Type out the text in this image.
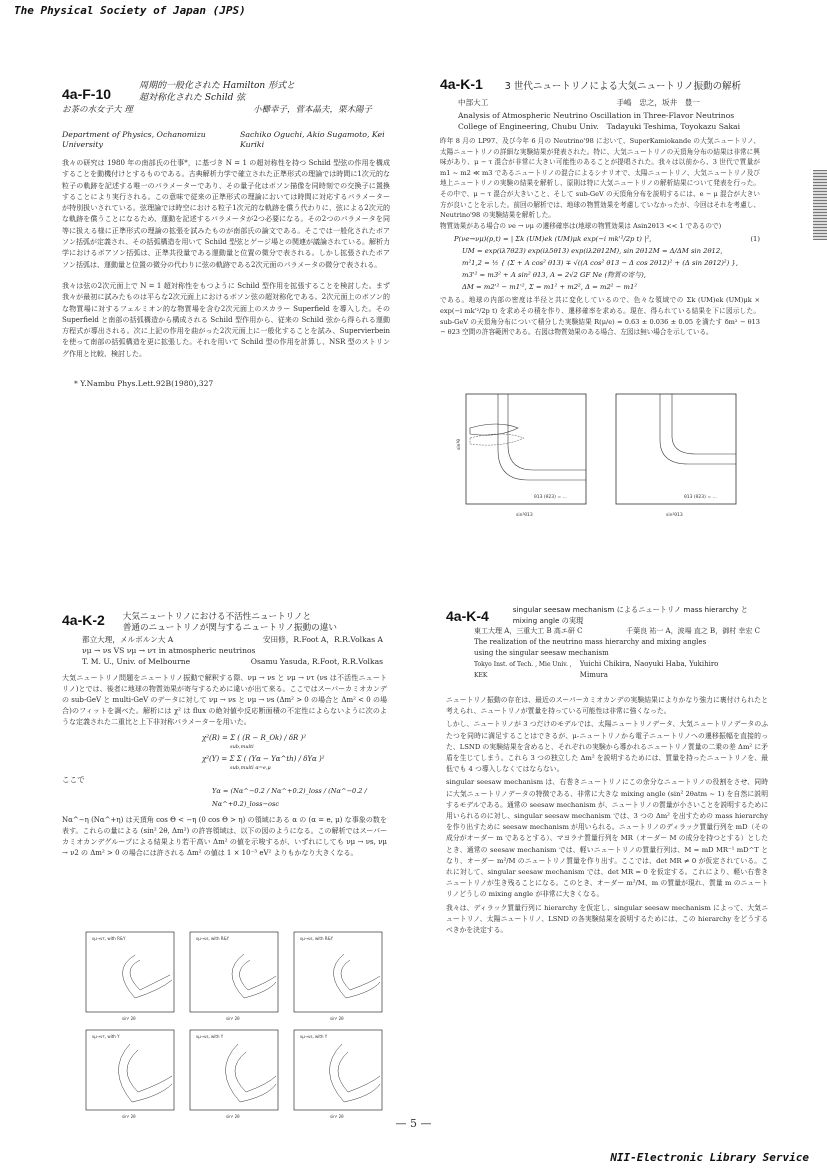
The Physical Society of Japan (JPS)
4a-F-10	周期的一般化された Hamilton 形式と
超対称化された Schild 弦
お茶の水女子大 理	小櫛幸子，菅本晶夫，栗木陽子
Department of Physics, Ochanomizu University
Sachiko Oguchi, Akio Sugamoto, Kei Kuriki

我々の研究は 1980 年の南部氏の仕事*，に基づき N = 1 の超対称性を持つ Schild 型弦の作用を構成することを動機付けとするものである。古典解析力学で確立された正準形式の理論では時間に1次元的な粒子の軌跡を記述する唯一のパラメーターであり、その量子化はボソン描像を同時刻での交換子に置換することにより実行される。この意味で従来の正準形式の理論においては時間に対応するパラメーターが特別扱いされている。弦理論では時空における粒子1次元的な軌跡を償う代わりに、弦による2次元的な軌跡を償うことになるため、運動を記述するパラメータが2つ必要になる。その2つのパラメータを同等に扱える様に正準形式の理論の拡張を試みたものが南部氏の論文である。そこでは一般化されたボアソン括弧が定義され、その括弧構造を用いて Schild 型弦とゲージ場との関連が議論されている。解析力学におけるボアソン括弧は、正準共役量である運動量と位置の微分で表される。しかし拡張されたボアソン括弧は、運動量と位置の微分の代わりに弦の軌跡である2次元面のパラメータの微分で表される。

我々は弦の2次元面上で N = 1 超対称性をもつように Schild 型作用を拡張することを検討した。まず我々が最初に試みたものは平らな2次元面上におけるボソン弦の超対称化である。2次元面上のボソン的な物質場に対するフェルミオン的な物質場を含む2次元面上のスカラー Superfield を導入した。その Superfield と南部の括弧構造から構成される Schild 型作用から、従来の Schild 弦から得られる運動方程式が導出される。次に上記の作用を曲がった2次元面上に一般化することを試み、Supervierbein を使って南部の括弧構造を更に拡張した。それを用いて Schild 型の作用を計算し、NSR 型のストリング作用と比較、検討した。

* Y.Nambu Phys.Lett.92B(1980),327
4a-K-1 3 世代ニュートリノによる大気ニュートリノ振動の解析
中部大工	手嶋　忠之，坂井　豊一
Analysis of Atmospheric Neutrino Oscillation in Three-Flavor Neutrinos
College of Engineering, Chubu Univ. Tadayuki Teshima, Toyokazu Sakai

昨年 8 月の LP97、及び今年 6 月の Neutrino'98 において、SuperKamiokande の大気ニュートリノ、太陽ニュートリノの詳細な実験結果が発表された。特に、大気ニュートリノの天頂角分布の結果は非常に興味があり、μ − τ 混合が非常に大きい可能性のあることが提唱された。我々は以前から、3 世代で質量が m1 ~ m2 ≪ m3 であるニュートリノの混合によるシナリオで、太陽ニュートリノ、大気ニュートリノ及び地上ニュートリノの実験の結果を解析し、原則は特に大気ニュートリノの解析結果について発表を行った。その中で、μ − τ 混合が大きいこと、そして sub-GeV の天頂角分布を説明するには、e − μ 混合が大きい方が良いことを示した。前回の解析では、地球の物質効果を考慮していなかったが、今回はそれを考慮し、Neutrino'98 の実験結果を解析した。

物質効果がある場合の νe → νμ の遷移確率は(地球の物質効果は Asin2θ13 << 1 であるので)

P(νe→νμ)(p,t) = | Σk (UM)ek (UM)μk exp(−i mk'²/2p t) |²,	(1)
UM = exp(iλ7θ23) exp(iλ5θ13) exp(iλ2θ12M), sin 2θ12M = Δ/ΔM sin 2θ12,
m²1,2 = ½ { (Σ + A cos² θ13) ∓ √((A cos² θ13 − Δ cos 2θ12)² + (Δ sin 2θ12)²) },
m3'² = m3² + A sin² θ13, A = 2√2 GF Ne (物質の寄与),
ΔM = m2'² − m1'², Σ = m1² + m2², Δ = m2² − m1²

である。地球の内部の密度は半径と共に変化しているので、色々な領域での Σk (UM)ek (UM)μk × exp(−i mk'²/2p t) を求めその積を作り、遷移確率を求める。現在、得られている結果を下に図示した。sub-GeV の天頂角分布について積分した実験結果 R(μ/e) = 0.63 ± 0.036 ± 0.05 を満たす δm² − θ13 − θ23 空間の許容範囲である。右図は物質効果のある場合、左図は無い場合を示している。

θ13 (θ23) = ...
sin²θ
sin²θ13
θ13 (θ23) = ...
sin²θ13
4a-K-2 大気ニュートリノにおける不活性ニュートリノと
普通のニュートリノが関与するニュートリノ振動の違い
都立大理，メルボルン大 A	安田修，R.Foot A，R.R.Volkas A
νμ → νs VS νμ → ντ in atmospheric neutrinos
T. M. U., Univ. of Melbourne	Osamu Yasuda, R.Foot, R.R.Volkas

大気ニュートリノ問題をニュートリノ振動で解釈する際、νμ → νs と νμ → ντ (νs は不活性ニュートリノ)とでは、後者に地球の物質効果が寄与するために違いが出て来る。ここではスーパーカミオカンデの sub-GeV と multi-GeV のデータに対して νμ → νs と νμ → νs (Δm² > 0 の場合と Δm² < 0 の場合)のフィットを調べた。解析には χ² は flux の絶対値や反応断面積の不定性によらないように次のような定義された二重比と上下非対称パラメーターを用いた。

χ²(R) = Σ ( (R − R_Ok) / δR )²
sub,multi
χ²(Y) = Σ Σ ( (Yα − Yα^th) / δYα )²
sub,multi α=e,μ
ここで
Yα = (Nα^−0.2 / Nα^+0.2)_loss / (Nα^−0.2 / Nα^+0.2)_loss−osc

Nα^−η (Nα^+η) は天頂角 cos Θ < −η (0 cos Θ > η) の領域にある α の (α = e, μ) な事象の数を表す。これらの量による (sin² 2θ, Δm²) の許容領域は、以下の図のようになる。この解析ではスーパーカミオカンデグループによる結果より若干高い Δm² の値を示唆するが、いずれにしても νμ → νs, νμ → ν2 の Δm² > 0 の場合には許される Δm² の値は 1 × 10⁻³ eV² よりもかなり大きくなる。

νμ→ντ, with R&Y
sin² 2θ
νμ→νs, with R&Y
sin² 2θ
νμ→νs, with R&Y
sin² 2θ
νμ→ντ, with Y
sin² 2θ
νμ→νs, with Y
sin² 2θ
νμ→νs, with Y
sin² 2θ
4a-K-4	singular seesaw mechanism によるニュートリノ mass hierarchy と
mixing angle の実現
東工大理 A，三重大工 B 高エ研 C	千葉良 祐一 A，波場 直之 B，御村 幸宏 C
The realization of the neutrino mass hierarchy and mixing angles
using the singular seesaw mechanism
Tokyo Inst. of Tech. , Mie Univ. , KEK
Yuichi Chikira, Naoyuki Haba, Yukihiro Mimura

ニュートリノ振動の存在は、最近のスーパーカミオカンデの実験結果によりかなり強力に裏付けられたと考えられ、ニュートリノが質量を持っている可能性は非常に強くなった。

しかし、ニュートリノが 3 つだけのモデルでは、太陽ニュートリノデータ、大気ニュートリノデータのふたつを同時に満足することはできるが、μ-ニュートリノから電子ニュートリノへの遷移振幅を直接的った、LSND の実験結果を含めると、それぞれの実験から導かれるニュートリノ質量の二乗の差 Δm² に矛盾を生じてしまう。これら 3 つの独立した Δm² を説明するためには、質量を持ったニュートリノを、最低でも 4 つ導入しなくてはならない。

singular seesaw mechanism は、右巻きニュートリノにこの余分なニュートリノの役割をさせ、同時に大気ニュートリノデータの特徴である、非常に大きな mixing angle (sin² 2θatm ~ 1) を自然に説明するモデルである。通常の seesaw mechanism が、ニュートリノの質量が小さいことを説明するために用いられるのに対し、singular seesaw mechanism では、3 つの Δm² を出すための mass hierarchy を作り出すために seesaw mechanism が用いられる。ニュートリノのディラック質量行列を mD（その成分がオーダー m であるとする）、マヨラナ質量行列を MR（オーダー M の成分を持つとする）としたとき、通常の seesaw mechanism では、軽いニュートリノの質量行列は、M = mD MR⁻¹ mD^T となり、オーダー m²/M のニュートリノ質量を作り出す。ここでは、det MR ≠ 0 が仮定されている。これに対して、singular seesaw mechanism では、det MR = 0 を仮定する。これにより、軽い右巻きニュートリノが生き残ることになる。このとき、オーダー m²/M、m の質量が現れ、質量 m のニュートリノどうしの mixing angle が非常に大きくなる。

我々は、ディラック質量行列に hierarchy を仮定し、singular seesaw mechanism によって、大気ニュートリノ、太陽ニュートリノ、LSND の各実験結果を説明するためには、この hierarchy をどうするべきかを決定する。

— 5 —
NII-Electronic Library Service
